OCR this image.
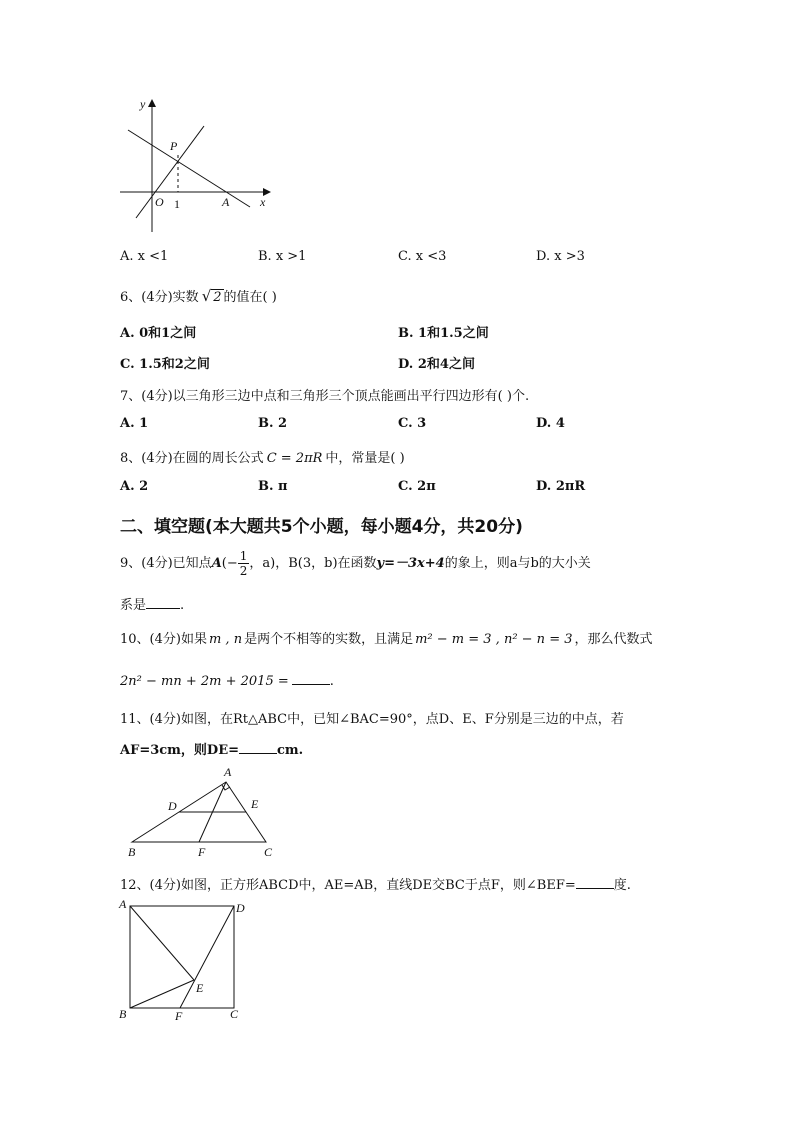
y
x
O
P
1	A
A. x <1	B. x >1	C. x <3	D. x >3
6、(4分)实数 √ 2 的值在( )
A. 0和1之间	B. 1和1.5之间
C. 1.5和2之间	D. 2和4之间
7、(4分)以三角形三边中点和三角形三个顶点能画出平行四边形有( )个.
A. 1	B. 2	C. 3	D. 4
8、(4分)在圆的周长公式 C = 2πR 中，常量是( )
A. 2	B. π	C. 2π	D. 2πR
二、填空题(本大题共5个小题，每小题4分，共20分)
9、(4分)已知点$A(- \frac{1}{2}$ ，a)，B(3，b)在函数y=－3x+4的象上，则a与b的大小关
系是	.
10、(4分)如果 m , n 是两个不相等的实数，且满足 m² − m = 3 , n² − n = 3 ，那么代数式
2n² − mn + 2m + 2015 =	.
11、(4分)如图，在Rt△ABC中，已知∠BAC=90°，点D、E、F分别是三边的中点，若
AF=3cm，则DE=	cm.
A
D	E
B	F	C
12、(4分)如图，正方形ABCD中，AE=AB，直线DE交BC于点F，则∠BEF=	度.
A	D
E
B	F	C
